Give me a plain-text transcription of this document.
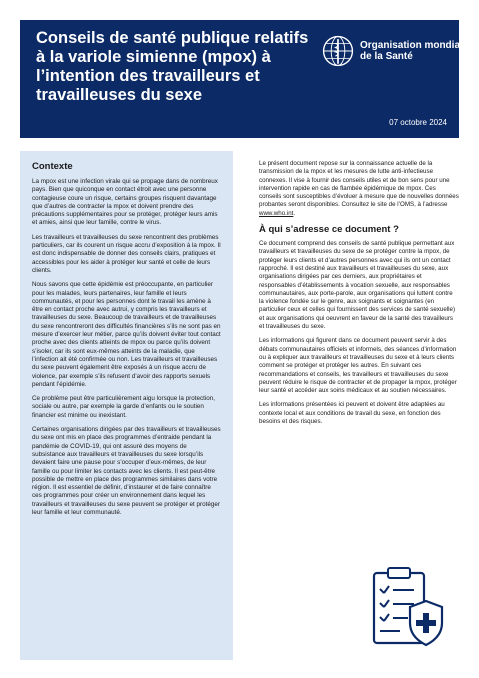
Conseils de santé publique relatifs à la variole simienne (mpox) à l’intention des travailleurs et travailleuses du sexe
Organisation mondiale de la Santé
07 octobre 2024
Contexte

La mpox est une infection virale qui se propage dans de nombreux pays. Bien que quiconque en contact étroit avec une personne contagieuse coure un risque, certains groupes risquent davantage que d’autres de contracter la mpox et doivent prendre des précautions supplémentaires pour se protéger, protéger leurs amis et amies, ainsi que leur famille, contre le virus.

Les travailleurs et travailleuses du sexe rencontrent des problèmes particuliers, car ils courent un risque accru d’exposition à la mpox. Il est donc indispensable de donner des conseils clairs, pratiques et accessibles pour les aider à protéger leur santé et celle de leurs clients.

Nous savons que cette épidémie est préoccupante, en particulier pour les malades, leurs partenaires, leur famille et leurs communautés, et pour les personnes dont le travail les amène à être en contact proche avec autrui, y compris les travailleurs et travailleuses du sexe. Beaucoup de travailleurs et de travailleuses du sexe rencontreront des difficultés financières s’ils ne sont pas en mesure d’exercer leur métier, parce qu’ils doivent éviter tout contact proche avec des clients atteints de mpox ou parce qu’ils doivent s’isoler, car ils sont eux-mêmes atteints de la maladie, que l’infection ait été confirmée ou non. Les travailleurs et travailleuses du sexe peuvent également être exposés à un risque accru de violence, par exemple s’ils refusent d’avoir des rapports sexuels pendant l’épidémie.

Ce problème peut être particulièrement aigu lorsque la protection, sociale ou autre, par exemple la garde d’enfants ou le soutien financier est minime ou inexistant.

Certaines organisations dirigées par des travailleurs et travailleuses du sexe ont mis en place des programmes d’entraide pendant la pandémie de COVID-19, qui ont assuré des moyens de subsistance aux travailleurs et travailleuses du sexe lorsqu’ils devaient faire une pause pour s’occuper d’eux-mêmes, de leur famille ou pour limiter les contacts avec les clients. Il est peut-être possible de mettre en place des programmes similaires dans votre région. Il est essentiel de définir, d’instaurer et de faire connaître ces programmes pour créer un environnement dans lequel les travailleurs et travailleuses du sexe peuvent se protéger et protéger leur famille et leur communauté.

Le présent document repose sur la connaissance actuelle de la transmission de la mpox et les mesures de lutte anti-infectieuse connexes. Il vise à fournir des conseils utiles et de bon sens pour une intervention rapide en cas de flambée épidémique de mpox. Ces conseils sont susceptibles d’évoluer à mesure que de nouvelles données probantes seront disponibles. Consultez le site de l’OMS, à l’adresse www.who.int.

À qui s’adresse ce document ?

Ce document comprend des conseils de santé publique permettant aux travailleurs et travailleuses du sexe de se protéger contre la mpox, de protéger leurs clients et d’autres personnes avec qui ils ont un contact rapproché. Il est destiné aux travailleurs et travailleuses du sexe, aux organisations dirigées par ces derniers, aux propriétaires et responsables d’établissements à vocation sexuelle, aux responsables communautaires, aux porte-parole, aux organisations qui luttent contre la violence fondée sur le genre, aux soignants et soignantes (en particulier ceux et celles qui fournissent des services de santé sexuelle) et aux organisations qui oeuvrent en faveur de la santé des travailleurs et travailleuses du sexe.

Les informations qui figurent dans ce document peuvent servir à des débats communautaires officiels et informels, des séances d’information ou à expliquer aux travailleurs et travailleuses du sexe et à leurs clients comment se protéger et protéger les autres. En suivant ces recommandations et conseils, les travailleurs et travailleuses du sexe peuvent réduire le risque de contracter et de propager la mpox, protéger leur santé et accéder aux soins médicaux et au soutien nécessaires.

Les informations présentées ici peuvent et doivent être adaptées au contexte local et aux conditions de travail du sexe, en fonction des besoins et des risques.
